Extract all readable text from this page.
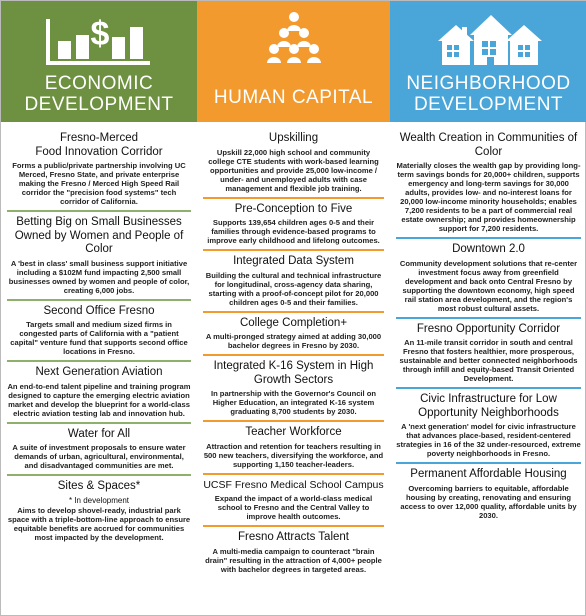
$
ECONOMIC
DEVELOPMENT
Fresno-Merced
Food Innovation Corridor

Forms a public/private partnership involving UC Merced, Fresno State, and private enterprise making the Fresno / Merced High Speed Rail corridor the "precision food systems" tech corridor of California.

Betting Big on Small Businesses Owned by Women and People of Color

A 'best in class' small business support initiative including a $102M fund impacting 2,500 small businesses owned by women and people of color, creating 6,000 jobs.

Second Office Fresno

Targets small and medium sized firms in congested parts of California with a "patient capital" venture fund that supports second office locations in Fresno.

Next Generation Aviation

An end-to-end talent pipeline and training program designed to capture the emerging electric aviation market and develop the blueprint for a world-class electric aviation testing lab and innovation hub.

Water for All

A suite of investment proposals to ensure water demands of urban, agricultural, environmental, and disadvantaged communities are met.

Sites & Spaces*
* In development

Aims to develop shovel-ready, industrial park space with a triple-bottom-line approach to ensure equitable benefits are accrued for communities most impacted by the development.

HUMAN CAPITAL
Upskilling

Upskill 22,000 high school and community college CTE students with work-based learning opportunities and provide 25,000 low-income / under- and unemployed adults with case management and flexible job training.

Pre-Conception to Five

Supports 139,654 children ages 0-5 and their families through evidence-based programs to improve early childhood and lifelong outcomes.

Integrated Data System

Building the cultural and technical infrastructure for longitudinal, cross-agency data sharing, starting with a proof-of-concept pilot for 20,000 children ages 0-5 and their families.

College Completion+

A multi-pronged strategy aimed at adding 30,000 bachelor degrees in Fresno by 2030.

Integrated K-16 System in High Growth Sectors

In partnership with the Governor's Council on Higher Education, an integrated K-16 system graduating 8,700 students by 2030.

Teacher Workforce

Attraction and retention for teachers resulting in 500 new teachers, diversifying the workforce, and supporting 1,150 teacher-leaders.

UCSF Fresno Medical School Campus

Expand the impact of a world-class medical school to Fresno and the Central Valley to improve health outcomes.

Fresno Attracts Talent

A multi-media campaign to counteract "brain drain" resulting in the attraction of 4,000+ people with bachelor degrees in targeted areas.

NEIGHBORHOOD
DEVELOPMENT
Wealth Creation in Communities of Color

Materially closes the wealth gap by providing long-term savings bonds for 20,000+ children, supports emergency and long-term savings for 30,000 adults, provides low- and no-interest loans for 20,000 low-income minority households; enables 7,200 residents to be a part of commercial real estate ownership; and provides homeownership support for 7,200 residents.

Downtown 2.0

Community development solutions that re-center investment focus away from greenfield development and back onto Central Fresno by supporting the downtown economy, high speed rail station area development, and the region's most robust cultural assets.

Fresno Opportunity Corridor

An 11-mile transit corridor in south and central Fresno that fosters healthier, more prosperous, sustainable and better connected neighborhoods through infill and equity-based Transit Oriented Development.

Civic Infrastructure for Low Opportunity Neighborhoods

A 'next generation' model for civic infrastructure that advances place-based, resident-centered strategies in 16 of the 32 under-resourced, extreme poverty neighborhoods in Fresno.

Permanent Affordable Housing

Overcoming barriers to equitable, affordable housing by creating, renovating and ensuring access to over 12,000 quality, affordable units by 2030.
